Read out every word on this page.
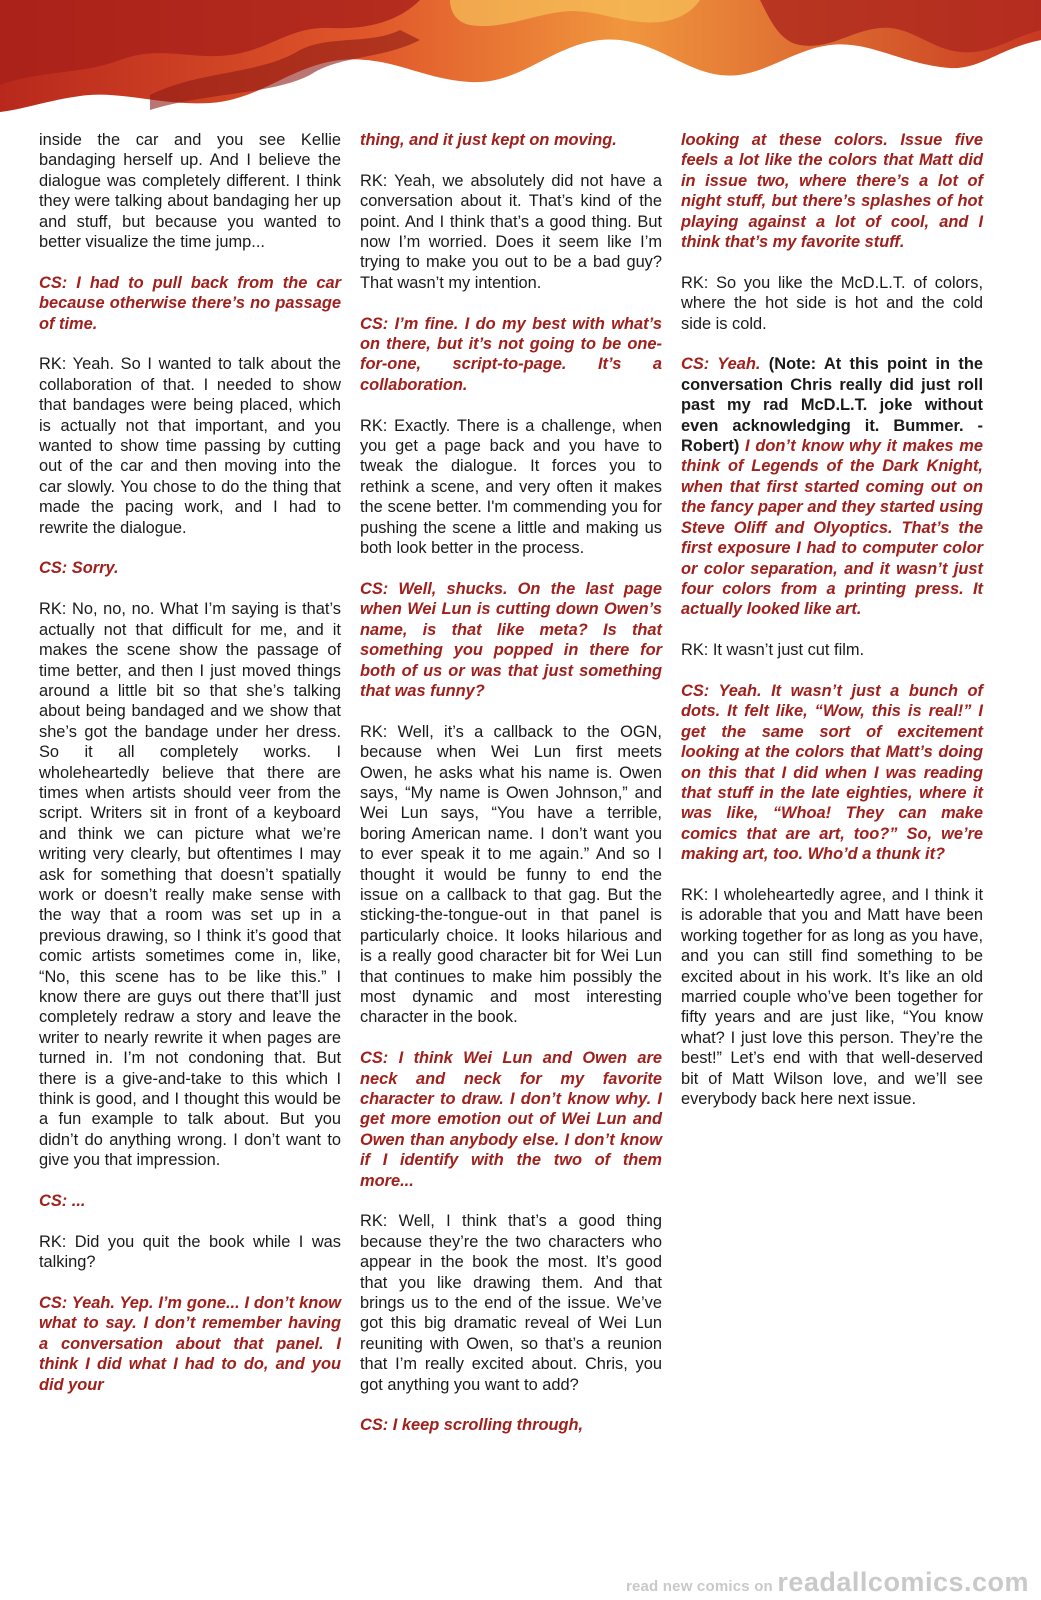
inside the car and you see Kellie bandaging herself up. And I believe the dialogue was completely different. I think they were talking about bandaging her up and stuff, but because you wanted to better visualize the time jump...

CS: I had to pull back from the car because otherwise there’s no passage of time.

RK: Yeah. So I wanted to talk about the collaboration of that. I needed to show that bandages were being placed, which is actually not that important, and you wanted to show time passing by cutting out of the car and then moving into the car slowly. You chose to do the thing that made the pacing work, and I had to rewrite the dialogue.

CS: Sorry.

RK: No, no, no. What I’m saying is that’s actually not that difficult for me, and it makes the scene show the passage of time better, and then I just moved things around a little bit so that she’s talking about being bandaged and we show that she’s got the bandage under her dress. So it all completely works. I wholeheartedly believe that there are times when artists should veer from the script. Writers sit in front of a keyboard and think we can picture what we’re writing very clearly, but oftentimes I may ask for something that doesn’t spatially work or doesn’t really make sense with the way that a room was set up in a previous drawing, so I think it’s good that comic artists sometimes come in, like, “No, this scene has to be like this.” I know there are guys out there that’ll just completely redraw a story and leave the writer to nearly rewrite it when pages are turned in. I’m not condoning that. But there is a give-and-take to this which I think is good, and I thought this would be a fun example to talk about. But you didn’t do anything wrong. I don’t want to give you that impression.

CS: ...

RK: Did you quit the book while I was talking?

CS: Yeah. Yep. I’m gone... I don’t know what to say. I don’t remember having a conversation about that panel. I think I did what I had to do, and you did your

thing, and it just kept on moving.

RK: Yeah, we absolutely did not have a conversation about it. That’s kind of the point. And I think that’s a good thing. But now I’m worried. Does it seem like I’m trying to make you out to be a bad guy? That wasn’t my intention.

CS: I’m fine. I do my best with what’s on there, but it’s not going to be one-for-one, script-to-page. It’s a collaboration.

RK: Exactly. There is a challenge, when you get a page back and you have to tweak the dialogue. It forces you to rethink a scene, and very often it makes the scene better. I'm commending you for pushing the scene a little and making us both look better in the process.

CS: Well, shucks. On the last page when Wei Lun is cutting down Owen’s name, is that like meta? Is that something you popped in there for both of us or was that just something that was funny?

RK: Well, it’s a callback to the OGN, because when Wei Lun first meets Owen, he asks what his name is. Owen says, “My name is Owen Johnson,” and Wei Lun says, “You have a terrible, boring American name. I don’t want you to ever speak it to me again.” And so I thought it would be funny to end the issue on a callback to that gag. But the sticking-the-tongue-out in that panel is particularly choice. It looks hilarious and is a really good character bit for Wei Lun that continues to make him possibly the most dynamic and most interesting character in the book.

CS: I think Wei Lun and Owen are neck and neck for my favorite character to draw. I don’t know why. I get more emotion out of Wei Lun and Owen than anybody else. I don’t know if I identify with the two of them more...

RK: Well, I think that’s a good thing because they’re the two characters who appear in the book the most. It’s good that you like drawing them. And that brings us to the end of the issue. We’ve got this big dramatic reveal of Wei Lun reuniting with Owen, so that’s a reunion that I’m really excited about. Chris, you got anything you want to add?

CS: I keep scrolling through,

looking at these colors. Issue five feels a lot like the colors that Matt did in issue two, where there’s a lot of night stuff, but there’s splashes of hot playing against a lot of cool, and I think that’s my favorite stuff.

RK: So you like the McD.L.T. of colors, where the hot side is hot and the cold side is cold.

CS: Yeah. (Note: At this point in the conversation Chris really did just roll past my rad McD.L.T. joke without even acknowledging it. Bummer. -Robert) I don’t know why it makes me think of Legends of the Dark Knight, when that first started coming out on the fancy paper and they started using Steve Oliff and Olyoptics. That’s the first exposure I had to computer color or color separation, and it wasn’t just four colors from a printing press. It actually looked like art.

RK: It wasn’t just cut film.

CS: Yeah. It wasn’t just a bunch of dots. It felt like, “Wow, this is real!” I get the same sort of excitement looking at the colors that Matt’s doing on this that I did when I was reading that stuff in the late eighties, where it was like, “Whoa! They can make comics that are art, too?” So, we’re making art, too. Who’d a thunk it?

RK: I wholeheartedly agree, and I think it is adorable that you and Matt have been working together for as long as you have, and you can still find something to be excited about in his work. It’s like an old married couple who’ve been together for fifty years and are just like, “You know what? I just love this person. They’re the best!” Let’s end with that well-deserved bit of Matt Wilson love, and we’ll see everybody back here next issue.

read new comics on readallcomics.com
